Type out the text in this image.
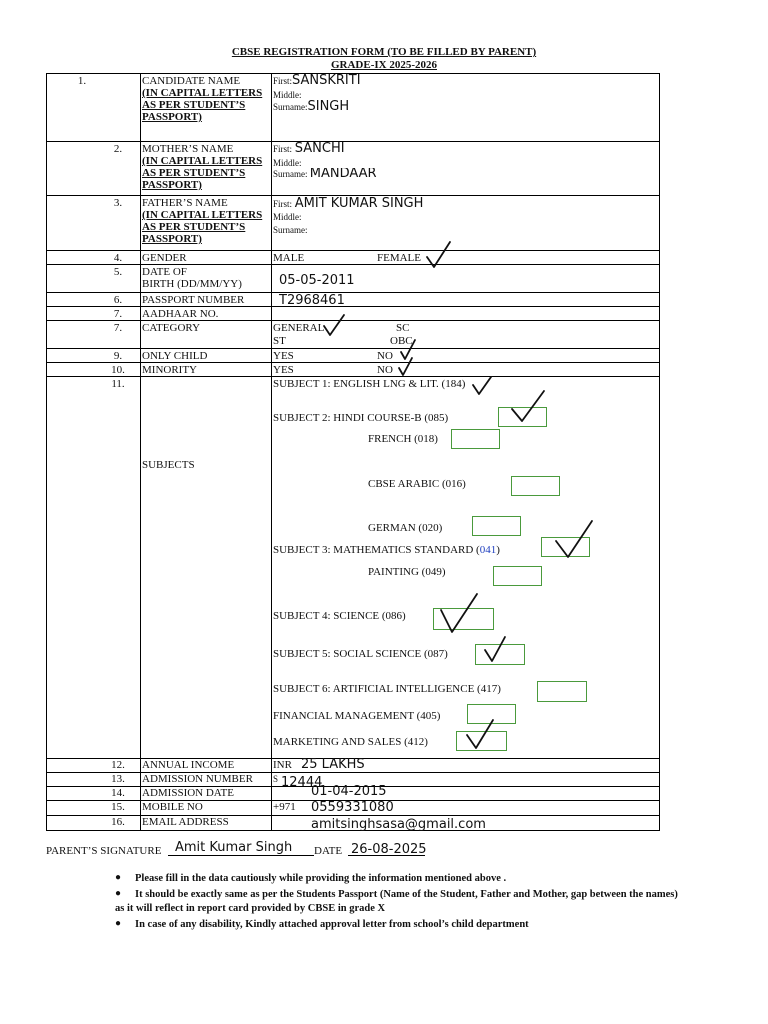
CBSE REGISTRATION FORM (TO BE FILLED BY PARENT)
GRADE-IX 2025-2026
1.	CANDIDATE NAME
(IN CAPITAL LETTERS AS PER STUDENT’S PASSPORT)
First:SANSKRITI
Middle:
Surname:SINGH
2.	MOTHER’S NAME
(IN CAPITAL LETTERS AS PER STUDENT’S PASSPORT)
First: SANCHI
Middle:
Surname: MANDAAR
3.	FATHER’S NAME
(IN CAPITAL LETTERS AS PER STUDENT’S PASSPORT)
First: AMIT KUMAR SINGH
Middle:
Surname:
4.	GENDER	MALE	FEMALE
5.	DATE OF
BIRTH (DD/MM/YY)	05-05-2011
6.	PASSPORT NUMBER	T2968461
7.	AADHAAR NO.
7.	CATEGORY	GENERAL	SC
ST	OBC
9.	ONLY CHILD	YES	NO
10.	MINORITY	YES	NO
11.
SUBJECTS
SUBJECT 1: ENGLISH LNG & LIT. (184)
SUBJECT 2: HINDI COURSE-B (085)
FRENCH (018)
CBSE ARABIC (016)
GERMAN (020)
SUBJECT 3: MATHEMATICS STANDARD (041)
PAINTING (049)
SUBJECT 4: SCIENCE (086)
SUBJECT 5: SOCIAL SCIENCE (087)
SUBJECT 6: ARTIFICIAL INTELLIGENCE (417)
FINANCIAL MANAGEMENT (405)
MARKETING AND SALES (412)
12.	ANNUAL INCOME	INR 25 LAKHS
13.	ADMISSION NUMBER	S 12444
14.	ADMISSION DATE	01-04-2015
15.	MOBILE NO	+971 0559331080
16.	EMAIL ADDRESS	amitsinghsasa@gmail.com
PARENT’S SIGNATURE Amit Kumar Singh DATE 26-08-2025
● Please fill in the data cautiously while providing the information mentioned above .
● It should be exactly same as per the Students Passport (Name of the Student, Father and Mother, gap between the names)
as it will reflect in report card provided by CBSE in grade X
● In case of any disability, Kindly attached approval letter from school’s child department
